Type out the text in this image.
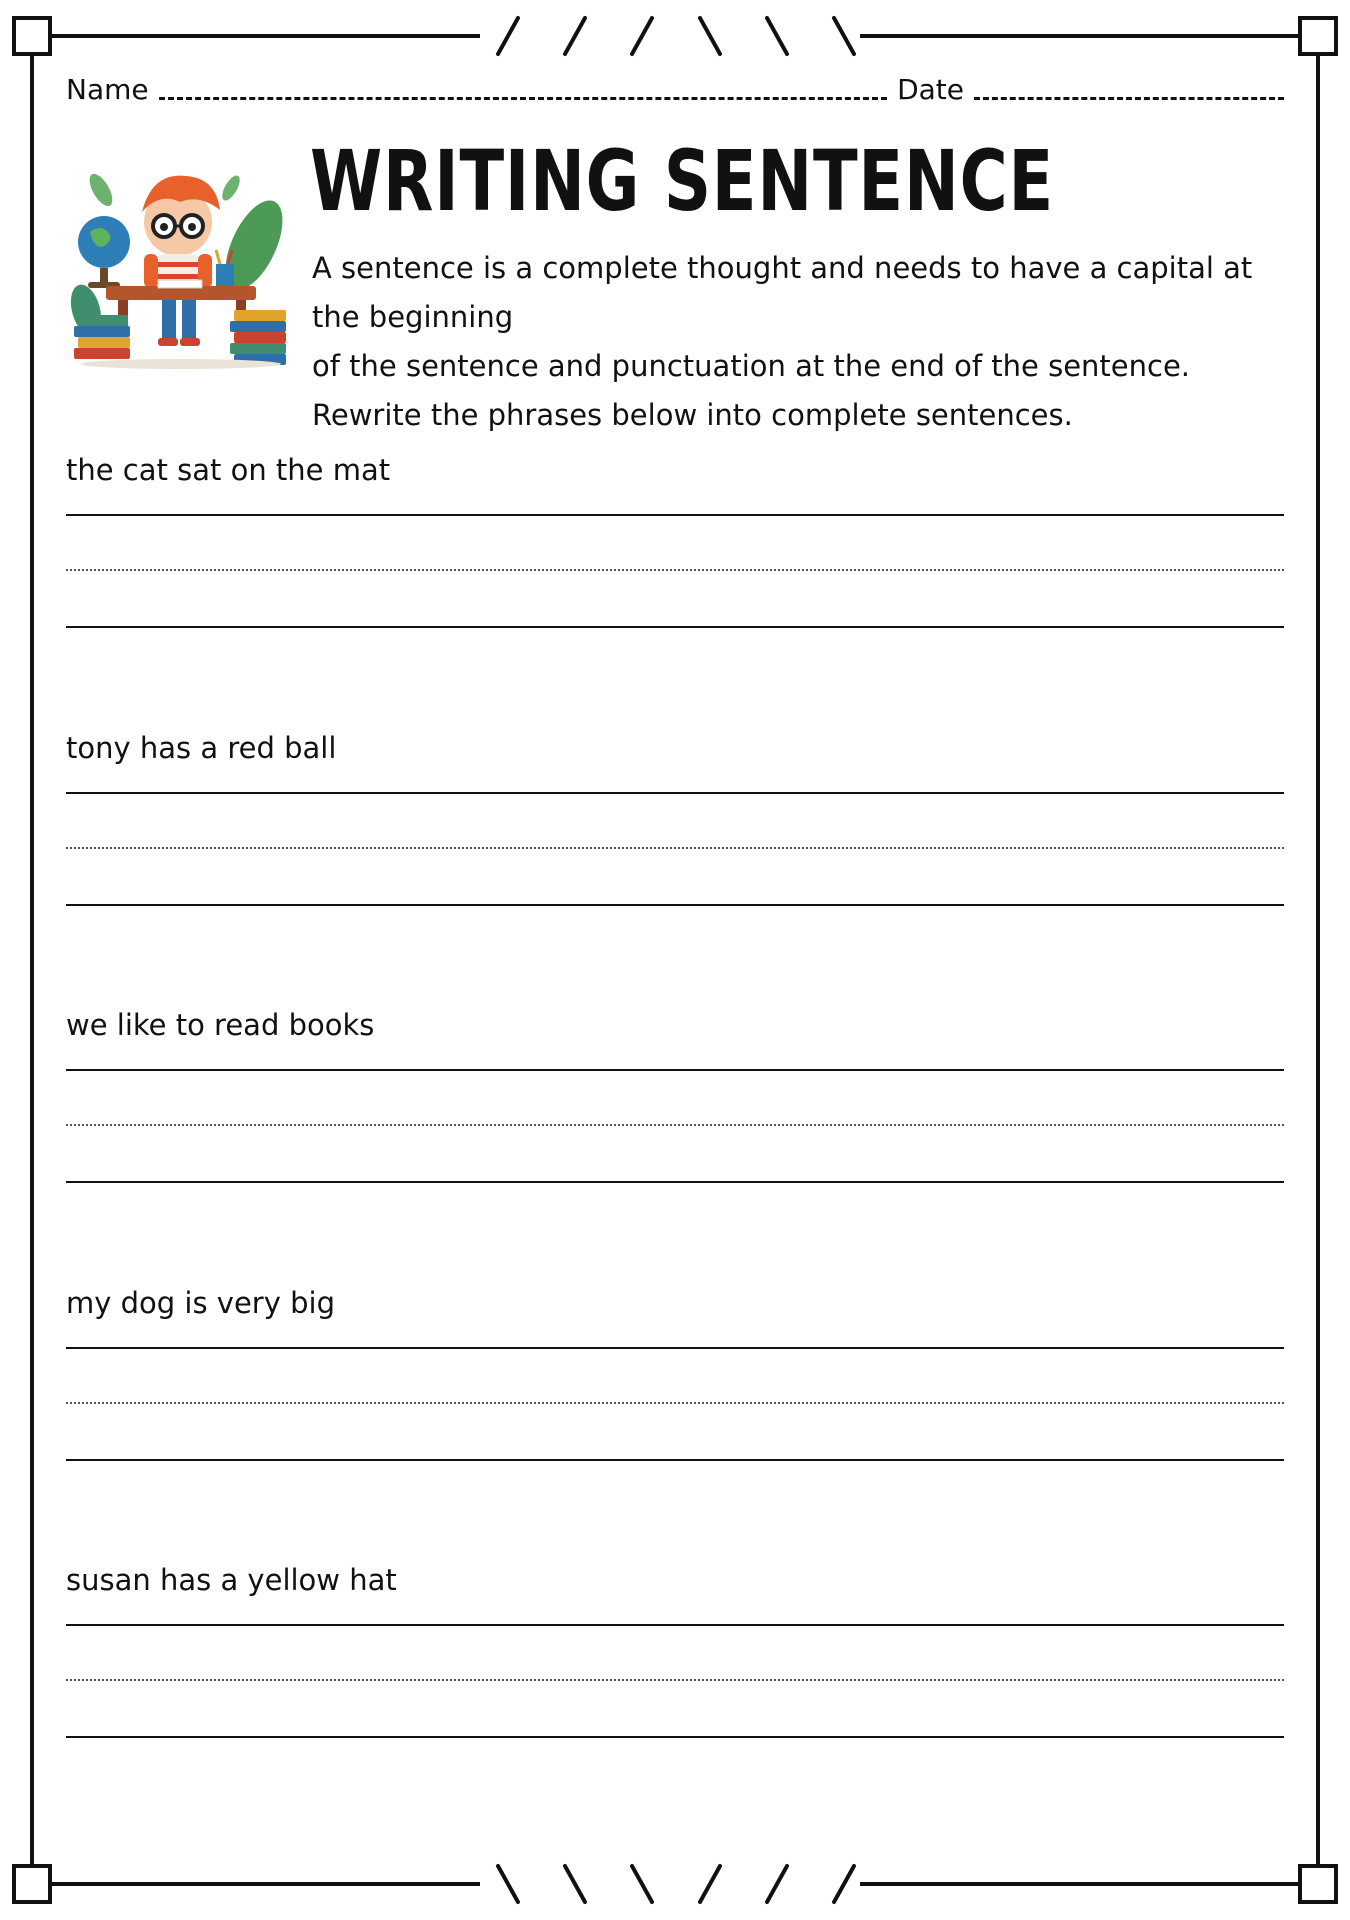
Name	Date
WRITING SENTENCE

A sentence is a complete thought and needs to have a capital at the beginning

of the sentence and punctuation at the end of the sentence.

Rewrite the phrases below into complete sentences.

the cat sat on the mat
tony has a red ball
we like to read books
my dog is very big
susan has a yellow hat
